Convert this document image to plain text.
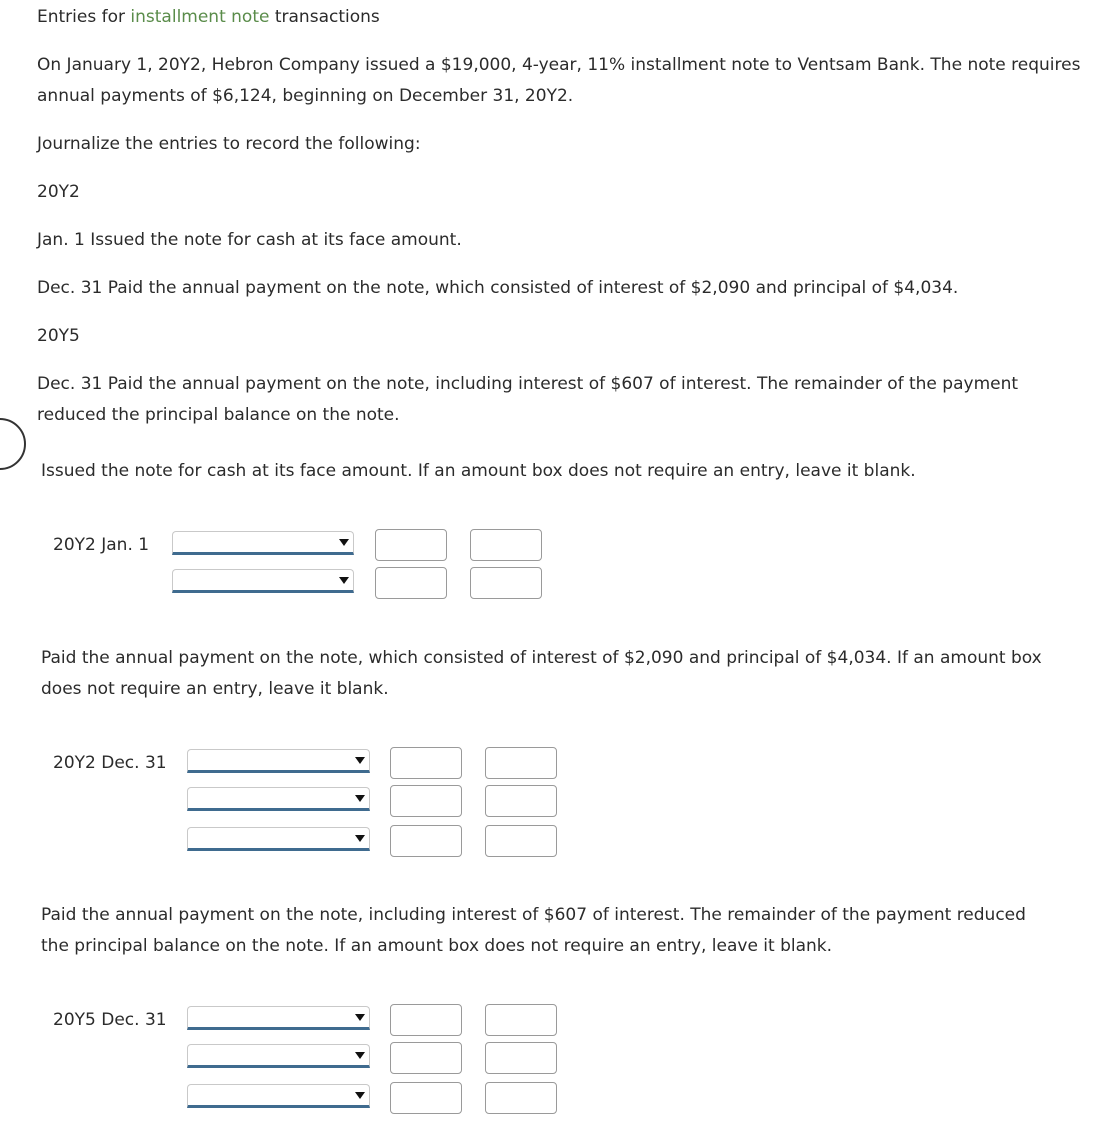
Entries for installment note transactions
On January 1, 20Y2, Hebron Company issued a $19,000, 4-year, 11% installment note to Ventsam Bank. The note requires annual payments of $6,124, beginning on December 31, 20Y2.
Journalize the entries to record the following:
20Y2
Jan. 1 Issued the note for cash at its face amount.
Dec. 31 Paid the annual payment on the note, which consisted of interest of $2,090 and principal of $4,034.
20Y5
Dec. 31 Paid the annual payment on the note, including interest of $607 of interest. The remainder of the payment reduced the principal balance on the note.
Issued the note for cash at its face amount. If an amount box does not require an entry, leave it blank.
20Y2 Jan. 1
Paid the annual payment on the note, which consisted of interest of $2,090 and principal of $4,034. If an amount box does not require an entry, leave it blank.
20Y2 Dec. 31
Paid the annual payment on the note, including interest of $607 of interest. The remainder of the payment reduced the principal balance on the note. If an amount box does not require an entry, leave it blank.
20Y5 Dec. 31
